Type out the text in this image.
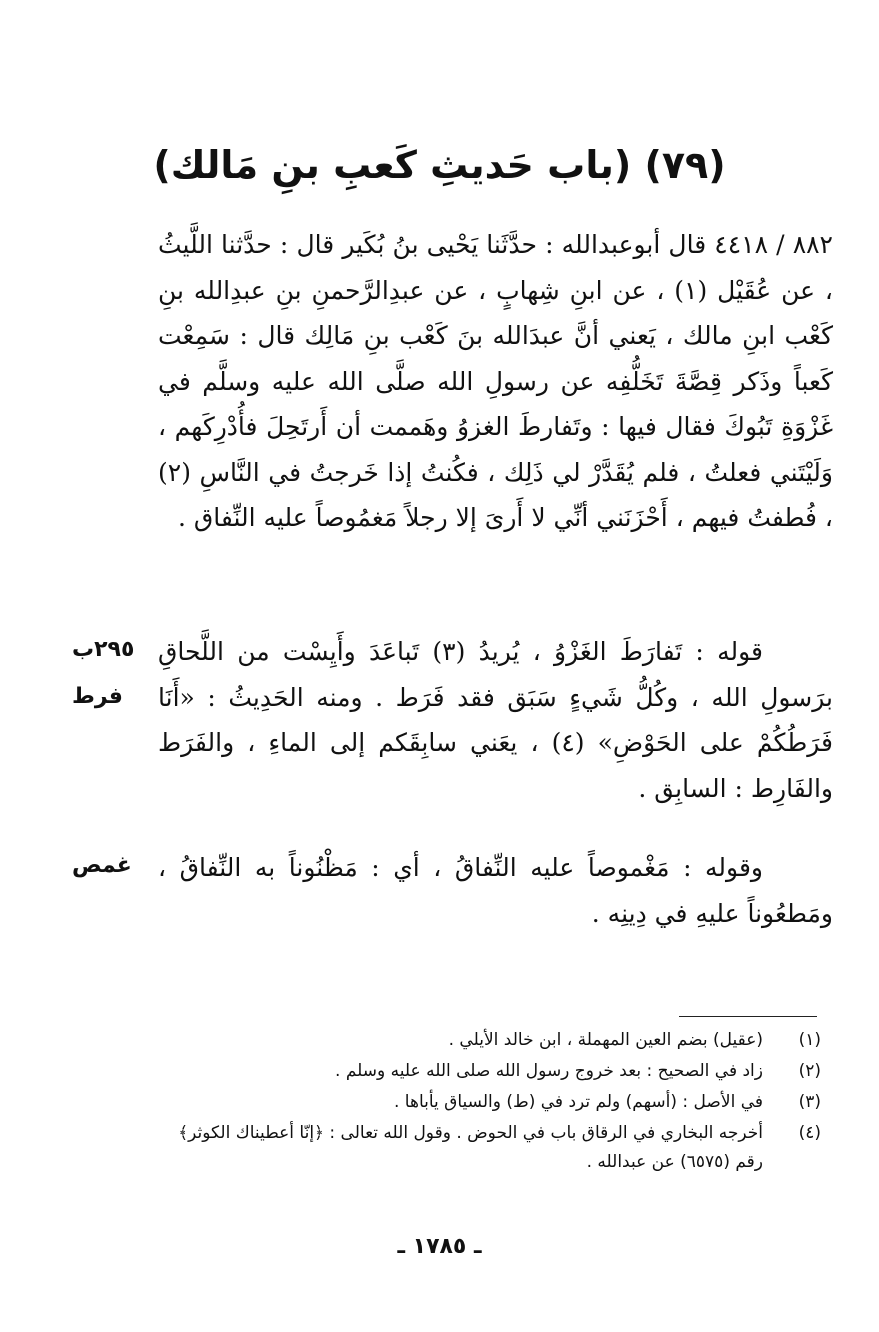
(٧٩) (باب حَديثِ كَعبِ بنِ مَالك)

٨٨٢ / ٤٤١٨ قال أبوعبدالله : حدَّثَنا يَحْيى بنُ بُكَير قال : حدَّثنا اللَّيثُ ، عن عُقَيْل (١) ، عن ابنِ شِهابٍ ، عن عبدِالرَّحمنِ بنِ عبدِالله بنِ كَعْب ابنِ مالك ، يَعني أنَّ عبدَالله بنَ كَعْب بنِ مَالِك قال : سَمِعْت كَعباً وذَكر قِصَّةَ تَخَلُّفِه عن رسولِ الله صلَّى الله عليه وسلَّم في غَزْوَةِ تَبُوكَ فقال فيها : وتَفارطَ الغزوُ وهَممت أن أَرتَحِلَ فأُدْرِكَهم ، وَلَيْتَني فعلتُ ، فلم يُقَدَّرْ لي ذَلِك ، فكُنتُ إذا خَرجتُ في النَّاسِ (٢) ، فُطفتُ فيهم ، أَحْزَنَني أنِّي لا أَرىَ إلا رجلاً مَغمُوصاً عليه النِّفاق .

قوله : تَفارَطَ الغَزْوُ ، يُريدُ (٣) تَباعَدَ وأَيِسْت من اللَّحاقِ برَسولِ الله ، وكُلُّ شَيءٍ سَبَق فقد فَرَط . ومنه الحَدِيثُ : «أَنَا فَرَطُكُمْ على الحَوْضِ» (٤) ، يعَني سابِقَكم إلى الماءِ ، والفَرَط والفَارِط : السابِق .

وقوله : مَغْموصاً عليه النِّفاقُ ، أي : مَظْنُوناً به النِّفاقُ ، ومَطعُوناً عليهِ في دِينِه .

٢٩٥ب
فرط
غمص
(١)
(عقيل) بضم العين المهملة ، ابن خالد الأيلي .
(٢)
زاد في الصحيح : بعد خروج رسول الله صلى الله عليه وسلم .
(٣)
في الأصل : (أسهم) ولم ترد في (ط) والسياق يأباها .
(٤)
أخرجه البخاري في الرقاق باب في الحوض . وقول الله تعالى : ﴿إنّا أعطيناك الكوثر﴾ رقم (٦٥٧٥) عن عبدالله .
ـ ١٧٨٥ ـ
